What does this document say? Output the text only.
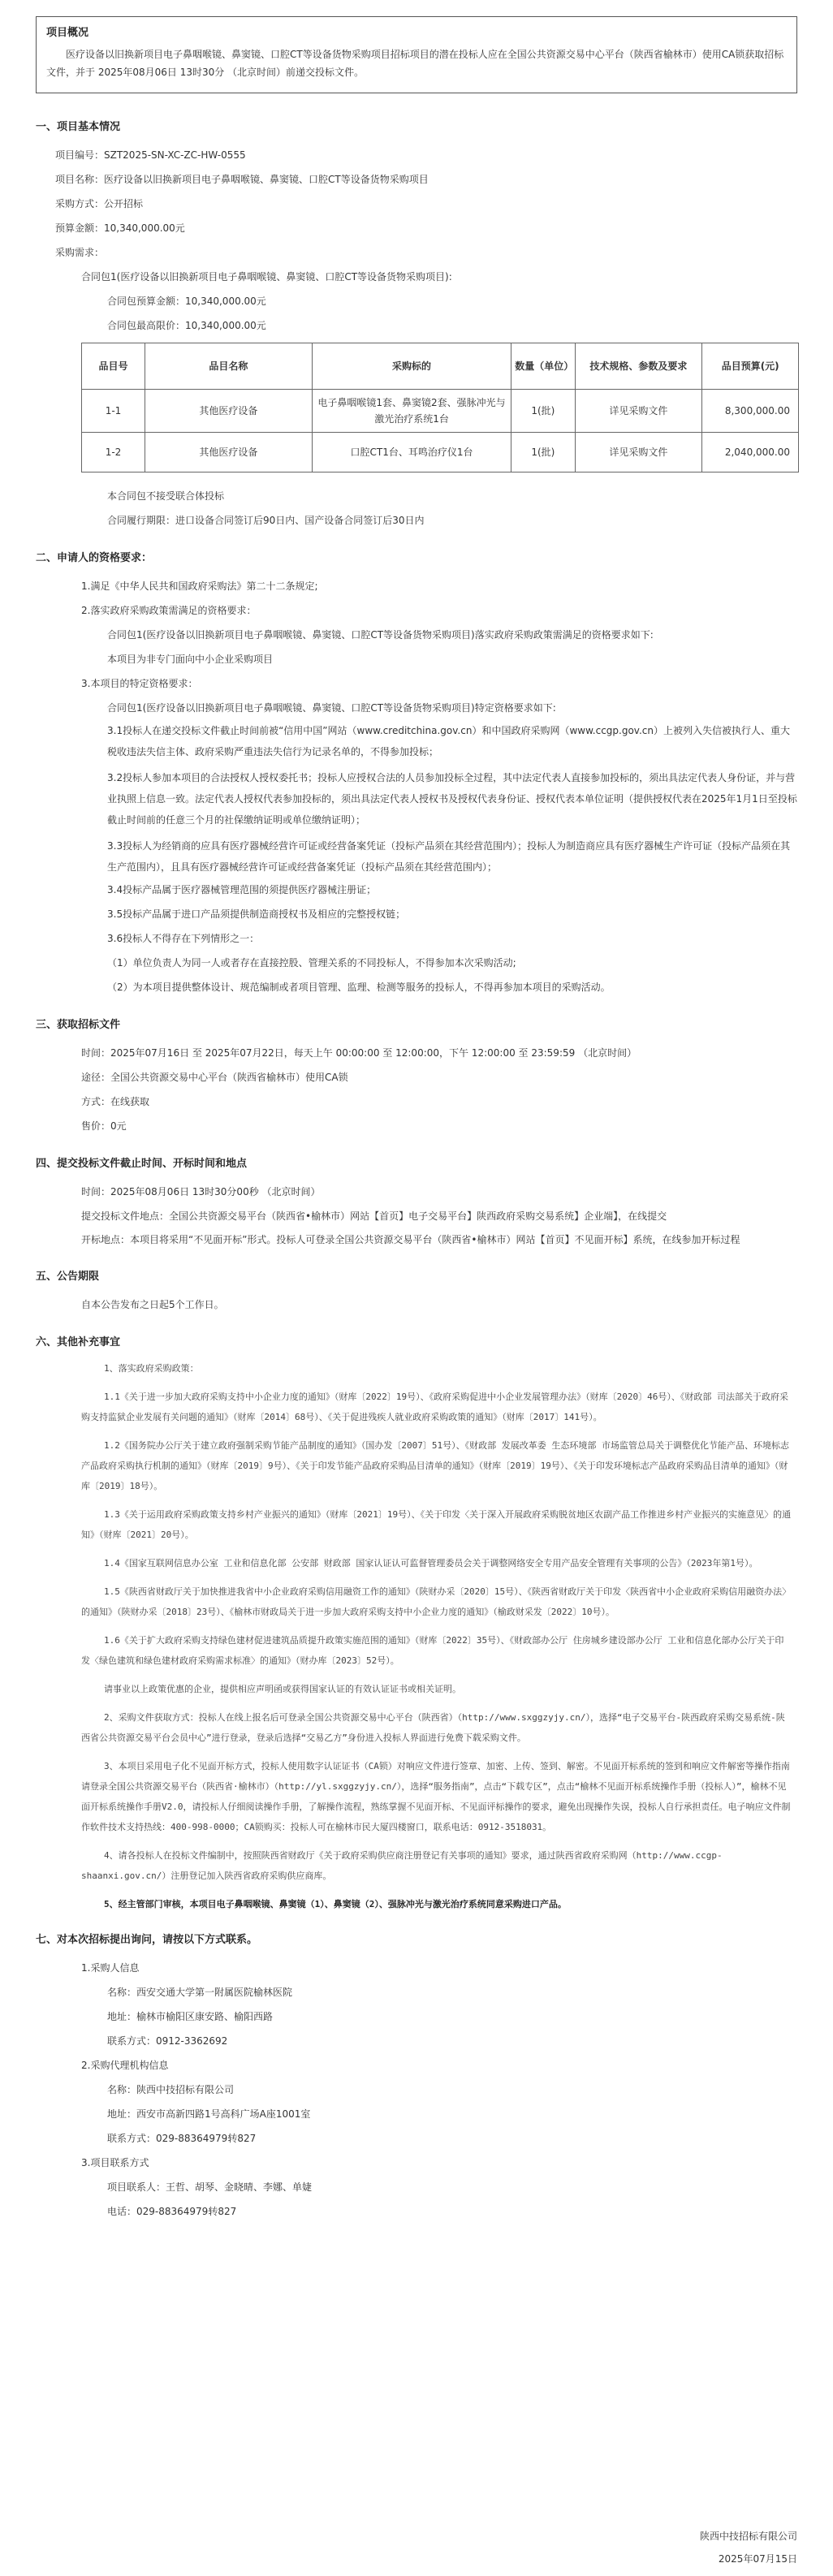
项目概况
医疗设备以旧换新项目电子鼻咽喉镜、鼻窦镜、口腔CT等设备货物采购项目招标项目的潜在投标人应在全国公共资源交易中心平台（陕西省榆林市）使用CA锁获取招标文件，并于 2025年08月06日 13时30分 （北京时间）前递交投标文件。
一、项目基本情况
项目编号：SZT2025-SN-XC-ZC-HW-0555
项目名称：医疗设备以旧换新项目电子鼻咽喉镜、鼻窦镜、口腔CT等设备货物采购项目
采购方式：公开招标
预算金额：10,340,000.00元
采购需求：
合同包1(医疗设备以旧换新项目电子鼻咽喉镜、鼻窦镜、口腔CT等设备货物采购项目):
合同包预算金额：10,340,000.00元
合同包最高限价：10,340,000.00元
品目号	品目名称	采购标的	数量（单位）	技术规格、参数及要求	品目预算(元)
1-1	其他医疗设备	电子鼻咽喉镜1套、鼻窦镜2套、强脉冲光与激光治疗系统1台	1(批)	详见采购文件	8,300,000.00
1-2	其他医疗设备	口腔CT1台、耳鸣治疗仪1台	1(批)	详见采购文件	2,040,000.00
本合同包不接受联合体投标
合同履行期限：进口设备合同签订后90日内、国产设备合同签订后30日内
二、申请人的资格要求：
1.满足《中华人民共和国政府采购法》第二十二条规定;
2.落实政府采购政策需满足的资格要求：
合同包1(医疗设备以旧换新项目电子鼻咽喉镜、鼻窦镜、口腔CT等设备货物采购项目)落实政府采购政策需满足的资格要求如下:
本项目为非专门面向中小企业采购项目
3.本项目的特定资格要求：
合同包1(医疗设备以旧换新项目电子鼻咽喉镜、鼻窦镜、口腔CT等设备货物采购项目)特定资格要求如下:
3.1投标人在递交投标文件截止时间前被“信用中国”网站（www.creditchina.gov.cn）和中国政府采购网（www.ccgp.gov.cn）上被列入失信被执行人、重大税收违法失信主体、政府采购严重违法失信行为记录名单的，不得参加投标；
3.2投标人参加本项目的合法授权人授权委托书；投标人应授权合法的人员参加投标全过程，其中法定代表人直接参加投标的，须出具法定代表人身份证，并与营业执照上信息一致。法定代表人授权代表参加投标的，须出具法定代表人授权书及授权代表身份证、授权代表本单位证明（提供授权代表在2025年1月1日至投标截止时间前的任意三个月的社保缴纳证明或单位缴纳证明）；
3.3投标人为经销商的应具有医疗器械经营许可证或经营备案凭证（投标产品须在其经营范围内）；投标人为制造商应具有医疗器械生产许可证（投标产品须在其生产范围内），且具有医疗器械经营许可证或经营备案凭证（投标产品须在其经营范围内）；
3.4投标产品属于医疗器械管理范围的须提供医疗器械注册证；
3.5投标产品属于进口产品须提供制造商授权书及相应的完整授权链；
3.6投标人不得存在下列情形之一：
（1）单位负责人为同一人或者存在直接控股、管理关系的不同投标人，不得参加本次采购活动;
（2）为本项目提供整体设计、规范编制或者项目管理、监理、检测等服务的投标人，不得再参加本项目的采购活动。
三、获取招标文件
时间：2025年07月16日 至 2025年07月22日，每天上午 00:00:00 至 12:00:00，下午 12:00:00 至 23:59:59 （北京时间）
途径：全国公共资源交易中心平台（陕西省榆林市）使用CA锁
方式：在线获取
售价：0元
四、提交投标文件截止时间、开标时间和地点
时间：2025年08月06日 13时30分00秒 （北京时间）
提交投标文件地点：全国公共资源交易平台（陕西省•榆林市）网站【首页】电子交易平台】陕西政府采购交易系统】企业端】，在线提交
开标地点：本项目将采用“不见面开标”形式。投标人可登录全国公共资源交易平台（陕西省•榆林市）网站【首页】不见面开标】系统，在线参加开标过程
五、公告期限
自本公告发布之日起5个工作日。
六、其他补充事宜

1、落实政府采购政策：

1.1《关于进一步加大政府采购支持中小企业力度的通知》（财库〔2022〕19号）、《政府采购促进中小企业发展管理办法》（财库〔2020〕46号）、《财政部 司法部关于政府采购支持监狱企业发展有关问题的通知》（财库〔2014〕68号）、《关于促进残疾人就业政府采购政策的通知》（财库〔2017〕141号）。

1.2《国务院办公厅关于建立政府强制采购节能产品制度的通知》（国办发〔2007〕51号）、《财政部 发展改革委 生态环境部 市场监管总局关于调整优化节能产品、环境标志产品政府采购执行机制的通知》（财库〔2019〕9号）、《关于印发节能产品政府采购品目清单的通知》（财库〔2019〕19号）、《关于印发环境标志产品政府采购品目清单的通知》（财库〔2019〕18号）。

1.3《关于运用政府采购政策支持乡村产业振兴的通知》（财库〔2021〕19号）、《关于印发〈关于深入开展政府采购脱贫地区农副产品工作推进乡村产业振兴的实施意见〉的通知》（财库〔2021〕20号）。

1.4《国家互联网信息办公室 工业和信息化部 公安部 财政部 国家认证认可监督管理委员会关于调整网络安全专用产品安全管理有关事项的公告》（2023年第1号）。

1.5《陕西省财政厅关于加快推进我省中小企业政府采购信用融资工作的通知》（陕财办采〔2020〕15号）、《陕西省财政厅关于印发〈陕西省中小企业政府采购信用融资办法〉的通知》（陕财办采〔2018〕23号）、《榆林市财政局关于进一步加大政府采购支持中小企业力度的通知》（榆政财采发〔2022〕10号）。

1.6《关于扩大政府采购支持绿色建材促进建筑品质提升政策实施范围的通知》（财库〔2022〕35号）、《财政部办公厅 住房城乡建设部办公厅 工业和信息化部办公厅关于印发〈绿色建筑和绿色建材政府采购需求标准〉的通知》（财办库〔2023〕52号）。

请事业以上政策优惠的企业，提供相应声明函或获得国家认证的有效认证证书或相关证明。

2、采购文件获取方式：投标人在线上报名后可登录全国公共资源交易中心平台（陕西省）（http://www.sxggzyjy.cn/），选择“电子交易平台-陕西政府采购交易系统-陕西省公共资源交易平台会员中心”进行登录，登录后选择“交易乙方”身份进入投标人界面进行免费下载采购文件。

3、本项目采用电子化不见面开标方式，投标人使用数字认证证书（CA锁）对响应文件进行签章、加密、上传、签到、解密。不见面开标系统的签到和响应文件解密等操作指南请登录全国公共资源交易平台（陕西省·榆林市）（http://yl.sxggzyjy.cn/），选择“服务指南”，点击“下载专区”，点击“榆林不见面开标系统操作手册（投标人）”，榆林不见面开标系统操作手册V2.0，请投标人仔细阅读操作手册，了解操作流程，熟练掌握不见面开标、不见面评标操作的要求，避免出现操作失误，投标人自行承担责任。电子响应文件制作软件技术支持热线：400-998-0000；CA锁购买：投标人可在榆林市民大厦四楼窗口，联系电话：0912-3518031。

4、请各投标人在投标文件编制中，按照陕西省财政厅《关于政府采购供应商注册登记有关事项的通知》要求，通过陕西省政府采购网（http://www.ccgp-shaanxi.gov.cn/）注册登记加入陕西省政府采购供应商库。

5、经主管部门审核，本项目电子鼻咽喉镜、鼻窦镜（1）、鼻窦镜（2）、强脉冲光与激光治疗系统同意采购进口产品。

七、对本次招标提出询问，请按以下方式联系。
1.采购人信息
名称：西安交通大学第一附属医院榆林医院
地址：榆林市榆阳区康安路、榆阳西路
联系方式：0912-3362692
2.采购代理机构信息
名称：陕西中技招标有限公司
地址：西安市高新四路1号高科广场A座1001室
联系方式：029-88364979转827
3.项目联系方式
项目联系人：王哲、胡琴、金晓晴、李娜、单婕
电话：029-88364979转827
陕西中技招标有限公司
2025年07月15日
